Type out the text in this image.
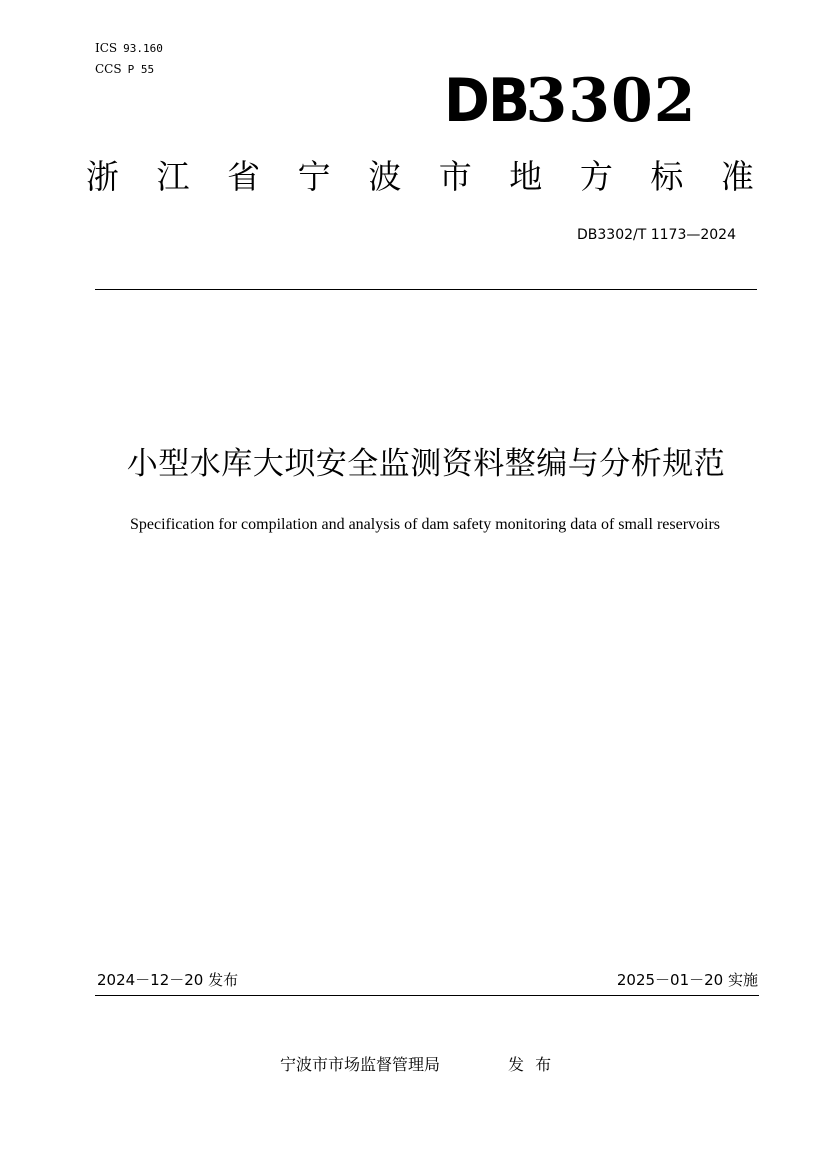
ICS 93.160
CCS P 55	D B 3302
浙 江 省 宁 波 市 地 方 标 准
DB3302/T 1173—2024
小型水库大坝安全监测资料整编与分析规范
Specification for compilation and analysis of dam safety monitoring data of small reservoirs
2024－12－20 发布	2025－01－20 实施
宁波市市场监督管理局	发 布
